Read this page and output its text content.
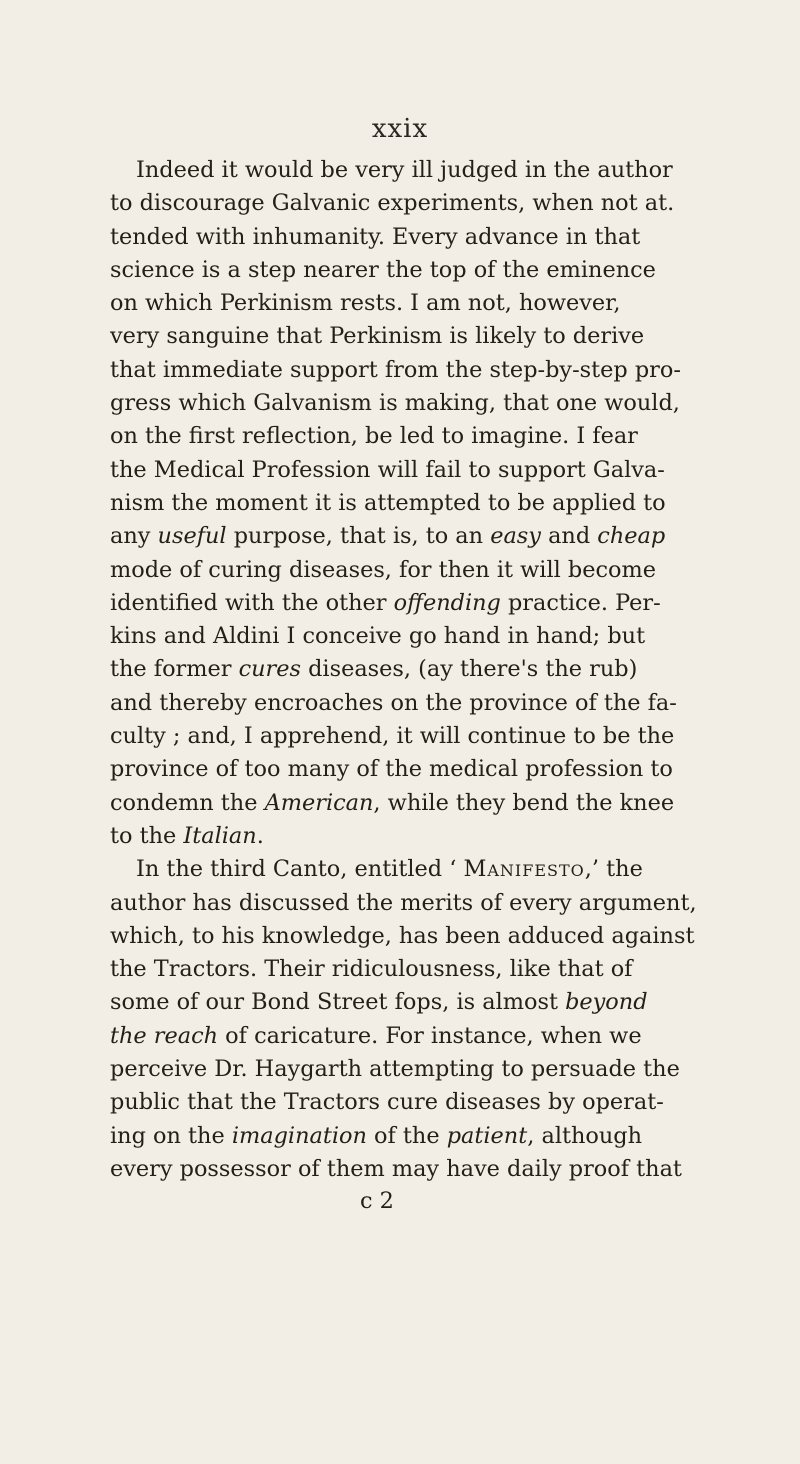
xxix
Indeed it would be very ill judged in the author
to discourage Galvanic experiments, when not at.
tended with inhumanity. Every advance in that
science is a step nearer the top of the eminence
on which Perkinism rests. I am not, however,
very sanguine that Perkinism is likely to derive
that immediate support from the step-by-step pro-
gress which Galvanism is making, that one would,
on the first reflection, be led to imagine. I fear
the Medical Profession will fail to support Galva-
nism the moment it is attempted to be applied to
any useful purpose, that is, to an easy and cheap
mode of curing diseases, for then it will become
identified with the other offending practice. Per-
kins and Aldini I conceive go hand in hand; but
the former cures diseases, (ay there's the rub)
and thereby encroaches on the province of the fa-
culty ; and, I apprehend, it will continue to be the
province of too many of the medical profession to
condemn the American, while they bend the knee
to the Italian.
In the third Canto, entitled ‘ Manifesto,’ the
author has discussed the merits of every argument,
which, to his knowledge, has been adduced against
the Tractors. Their ridiculousness, like that of
some of our Bond Street fops, is almost beyond
the reach of caricature. For instance, when we
perceive Dr. Haygarth attempting to persuade the
public that the Tractors cure diseases by operat-
ing on the imagination of the patient, although
every possessor of them may have daily proof that
c 2
